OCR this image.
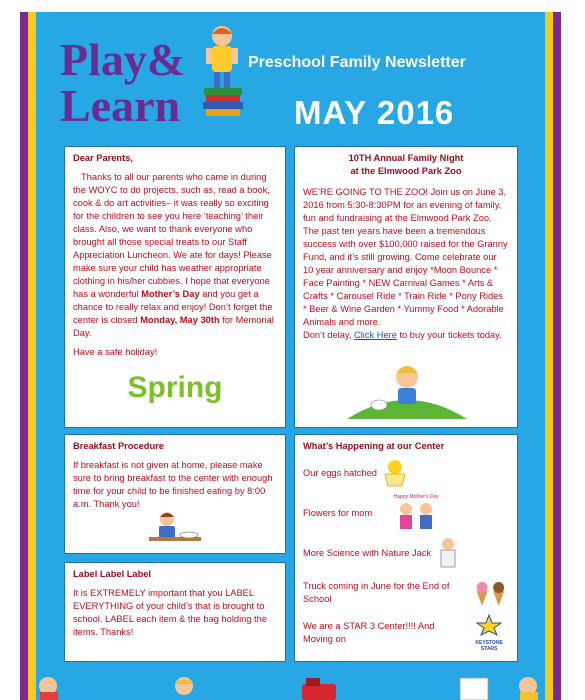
Play&
Learn
Preschool Family Newsletter
MAY 2016

Dear Parents,

Thanks to all our parents who came in during the WOYC to do projects, such as, read a book, cook & do art activities– it was really so exciting for the children to see you here ‘teaching’ their class. Also, we want to thank everyone who brought all those special treats to our Staff Appreciation Luncheon. We ate for days! Please make sure your child has weather appropriate clothing in his/her cubbies. I hope that everyone has a wonderful Mother’s Day and you get a chance to really relax and enjoy! Don’t forget the center is closed Monday, May 30th for Memorial Day.

Have a safe holiday!

Spring

10TH Annual Family Night
at the Elmwood Park Zoo

WE’RE GOING TO THE ZOO! Join us on June 3, 2016 from 5:30-8:30PM for an evening of family, fun and fundraising at the Elmwood Park Zoo. The past ten years have been a tremendous success with over $100,000 raised for the Granny Fund, and it’s still growing. Come celebrate our 10 year anniversary and enjoy *Moon Bounce * Face Painting * NEW Carnival Games * Arts & Crafts * Carousel Ride * Train Ride * Pony Rides * Beer & Wine Garden * Yummy Food * Adorable Animals and more.

Don’t delay, Click Here to buy your tickets today.

Breakfast Procedure

If breakfast is not given at home, please make sure to bring breakfast to the center with enough time for your child to be finished eating by 8:00 a.m. Thank you!

Label Label Label

It is EXTREMELY important that you LABEL EVERYTHING of your child’s that is brought to school. LABEL each item & the bag holding the items. Thanks!

What’s Happening at our Center

Our eggs hatched
Flowers for mom
Happy Mother's Day
More Science with Nature Jack
Truck coming in June for the End of School
We are a STAR 3 Center!!!! And Moving on	KEYSTONE STARS
